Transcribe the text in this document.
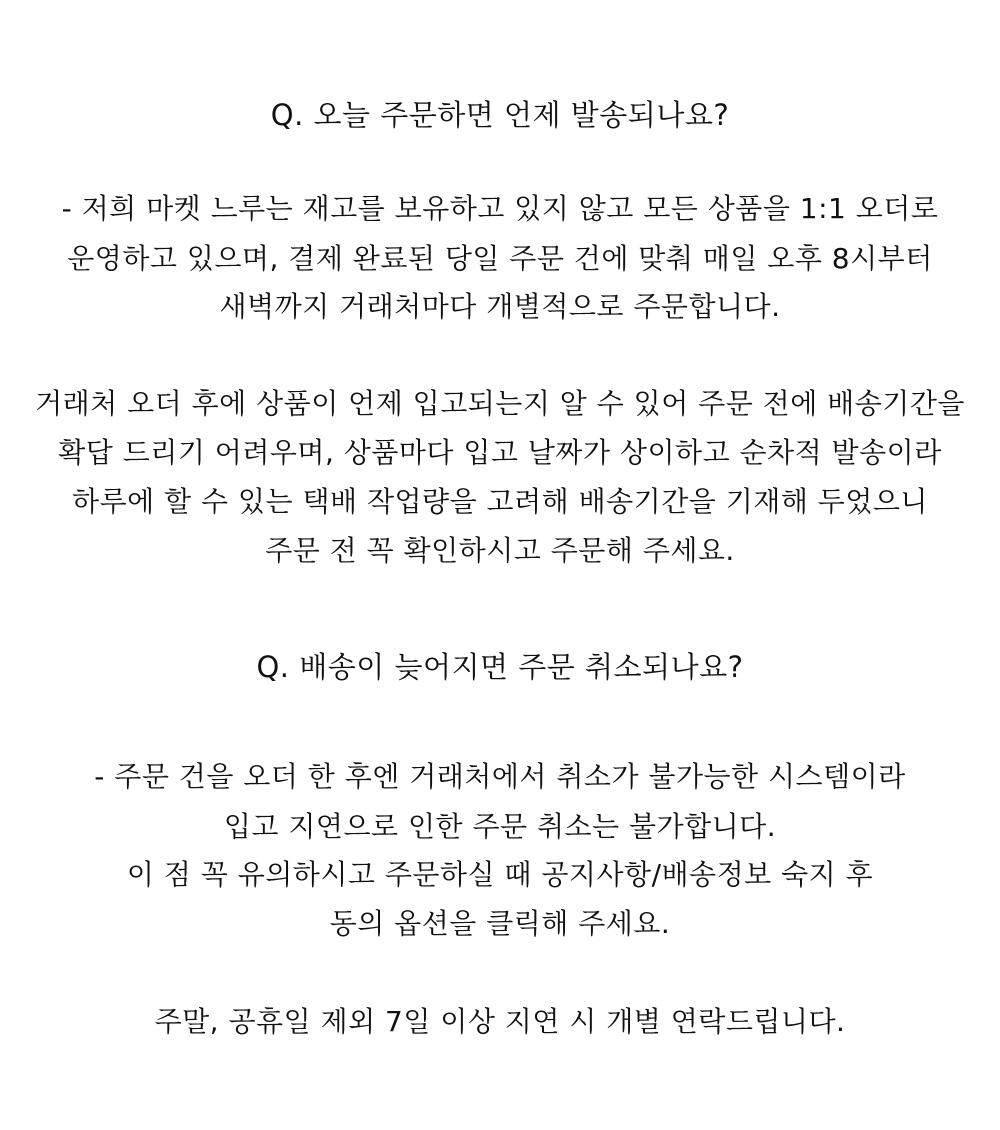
Q. 오늘 주문하면 언제 발송되나요?
- 저희 마켓 느루는 재고를 보유하고 있지 않고 모든 상품을 1:1 오더로
운영하고 있으며, 결제 완료된 당일 주문 건에 맞춰 매일 오후 8시부터
새벽까지 거래처마다 개별적으로 주문합니다.
거래처 오더 후에 상품이 언제 입고되는지 알 수 있어 주문 전에 배송기간을
확답 드리기 어려우며, 상품마다 입고 날짜가 상이하고 순차적 발송이라
하루에 할 수 있는 택배 작업량을 고려해 배송기간을 기재해 두었으니
주문 전 꼭 확인하시고 주문해 주세요.
Q. 배송이 늦어지면 주문 취소되나요?
- 주문 건을 오더 한 후엔 거래처에서 취소가 불가능한 시스템이라
입고 지연으로 인한 주문 취소는 불가합니다.
이 점 꼭 유의하시고 주문하실 때 공지사항/배송정보 숙지 후
동의 옵션을 클릭해 주세요.
주말, 공휴일 제외 7일 이상 지연 시 개별 연락드립니다.
